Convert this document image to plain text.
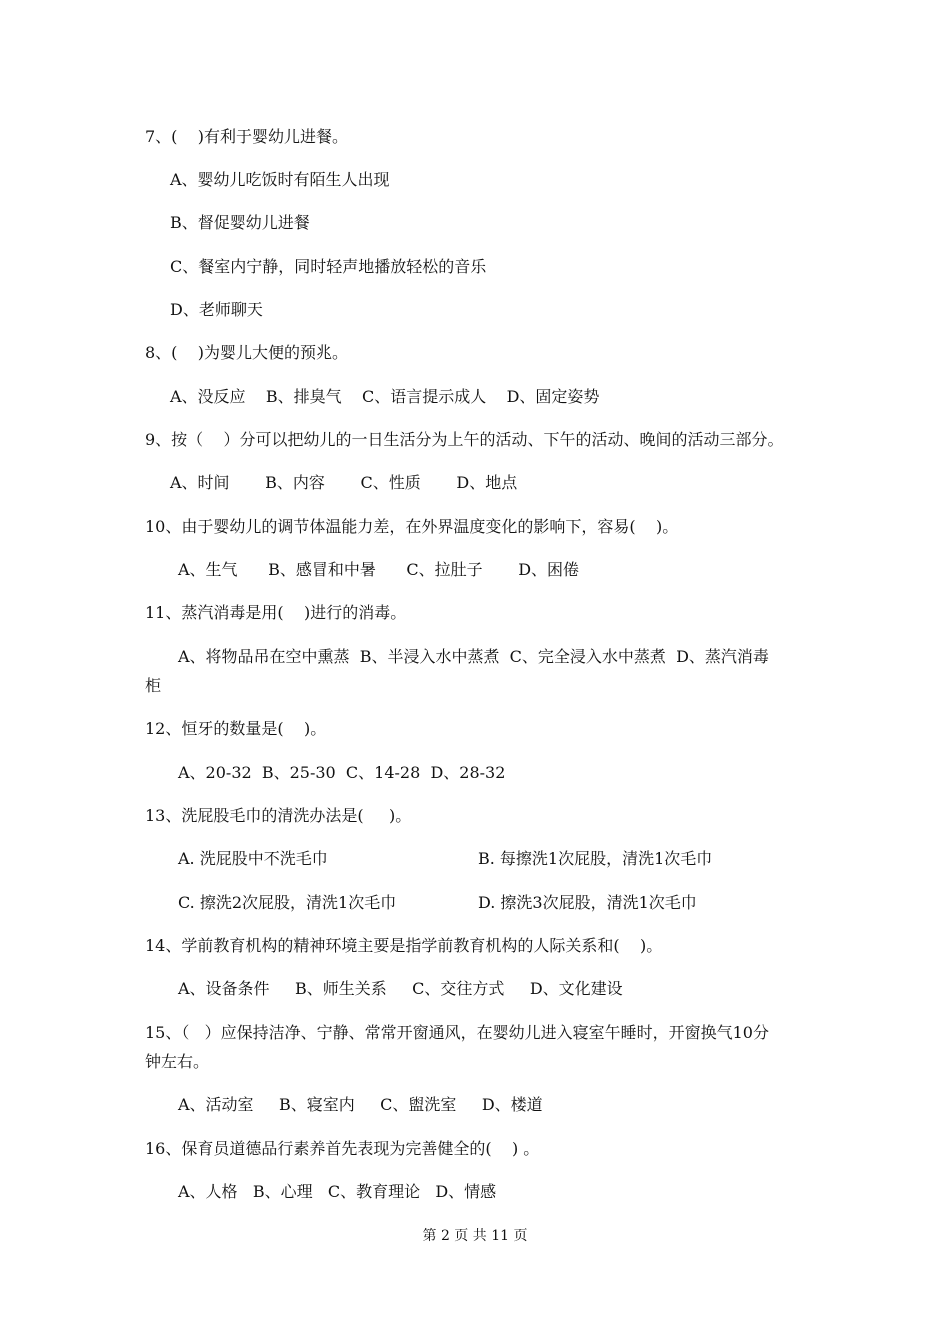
7、(    )有利于婴幼儿进餐。
A、婴幼儿吃饭时有陌生人出现
B、督促婴幼儿进餐
C、餐室内宁静，同时轻声地播放轻松的音乐
D、老师聊天
8、(    )为婴儿大便的预兆。
A、没反应    B、排臭气    C、语言提示成人    D、固定姿势
9、按（    ）分可以把幼儿的一日生活分为上午的活动、下午的活动、晚间的活动三部分。
A、时间       B、内容       C、性质       D、地点
10、由于婴幼儿的调节体温能力差，在外界温度变化的影响下，容易(    )。
A、生气      B、感冒和中暑      C、拉肚子       D、困倦
11、蒸汽消毒是用(    )进行的消毒。
A、将物品吊在空中熏蒸  B、半浸入水中蒸煮  C、完全浸入水中蒸煮  D、蒸汽消毒
柜
12、恒牙的数量是(    )。
A、20-32  B、25-30  C、14-28  D、28-32
13、洗屁股毛巾的清洗办法是(     )。
A. 洗屁股中不洗毛巾	B. 每擦洗1次屁股，清洗1次毛巾
C. 擦洗2次屁股，清洗1次毛巾	D. 擦洗3次屁股，清洗1次毛巾
14、学前教育机构的精神环境主要是指学前教育机构的人际关系和(    )。
A、设备条件     B、师生关系     C、交往方式     D、文化建设
15、（   ）应保持洁净、宁静、常常开窗通风，在婴幼儿进入寝室午睡时，开窗换气10分
钟左右。
A、活动室     B、寝室内     C、盥洗室     D、楼道
16、保育员道德品行素养首先表现为完善健全的(    ) 。
A、人格   B、心理   C、教育理论   D、情感
第 2 页 共 11 页
